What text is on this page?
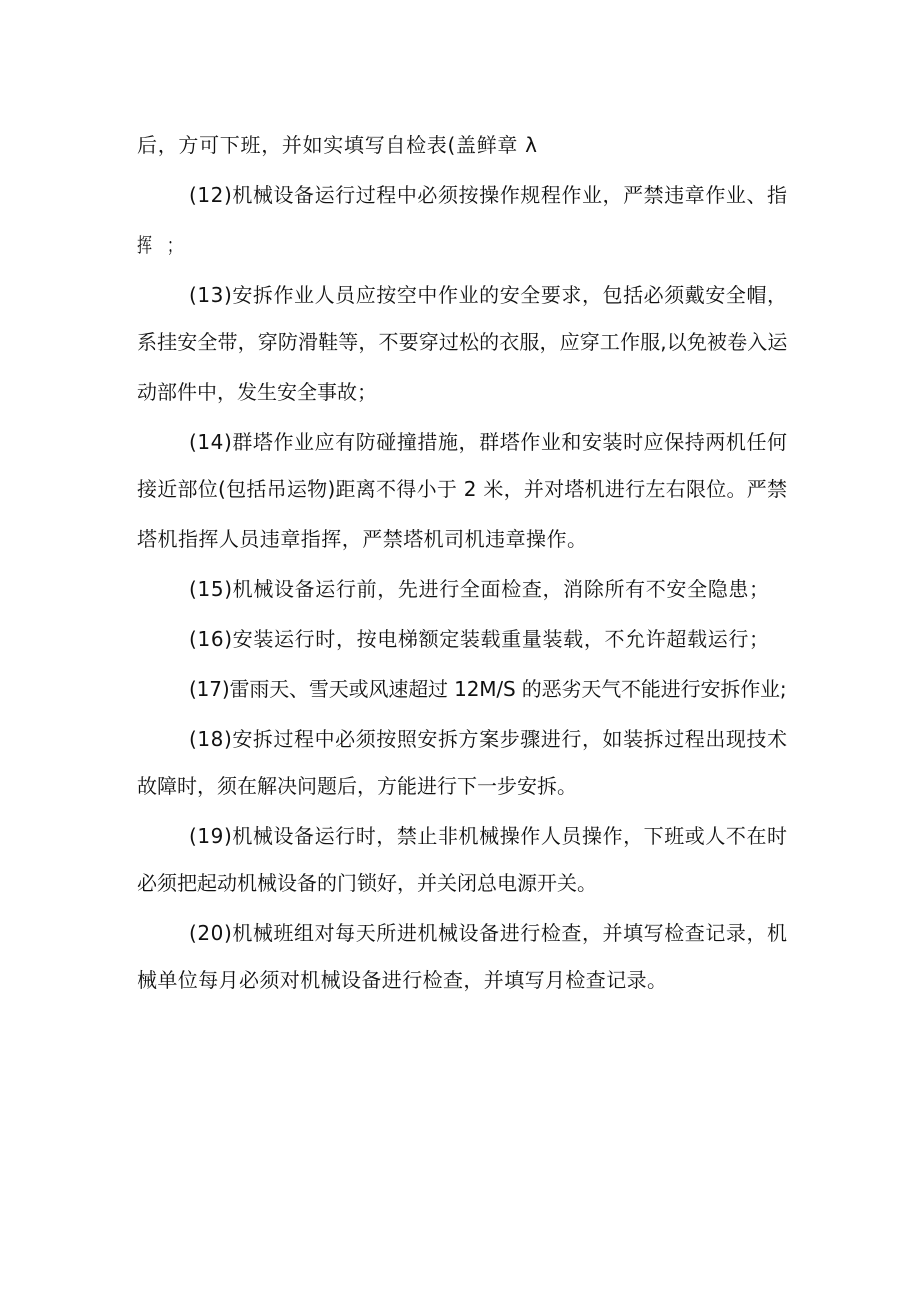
后，方可下班，并如实填写自检表(盖鲜章 λ
(12)机械设备运行过程中必须按操作规程作业，严禁违章作业、指
挥；
(13)安拆作业人员应按空中作业的安全要求，包括必须戴安全帽，
系挂安全带，穿防滑鞋等，不要穿过松的衣服，应穿工作服,以免被卷入运
动部件中，发生安全事故；
(14)群塔作业应有防碰撞措施，群塔作业和安装时应保持两机任何
接近部位(包括吊运物)距离不得小于 2 米，并对塔机进行左右限位。严禁
塔机指挥人员违章指挥，严禁塔机司机违章操作。
(15)机械设备运行前，先进行全面检查，消除所有不安全隐患；
(16)安装运行时，按电梯额定装载重量装载，不允许超载运行；
(17)雷雨天、雪天或风速超过 12M/S 的恶劣天气不能进行安拆作业;
(18)安拆过程中必须按照安拆方案步骤进行，如装拆过程出现技术
故障时，须在解决问题后，方能进行下一步安拆。
(19)机械设备运行时，禁止非机械操作人员操作，下班或人不在时
必须把起动机械设备的门锁好，并关闭总电源开关。
(20)机械班组对每天所进机械设备进行检查，并填写检查记录，机
械单位每月必须对机械设备进行检查，并填写月检查记录。
